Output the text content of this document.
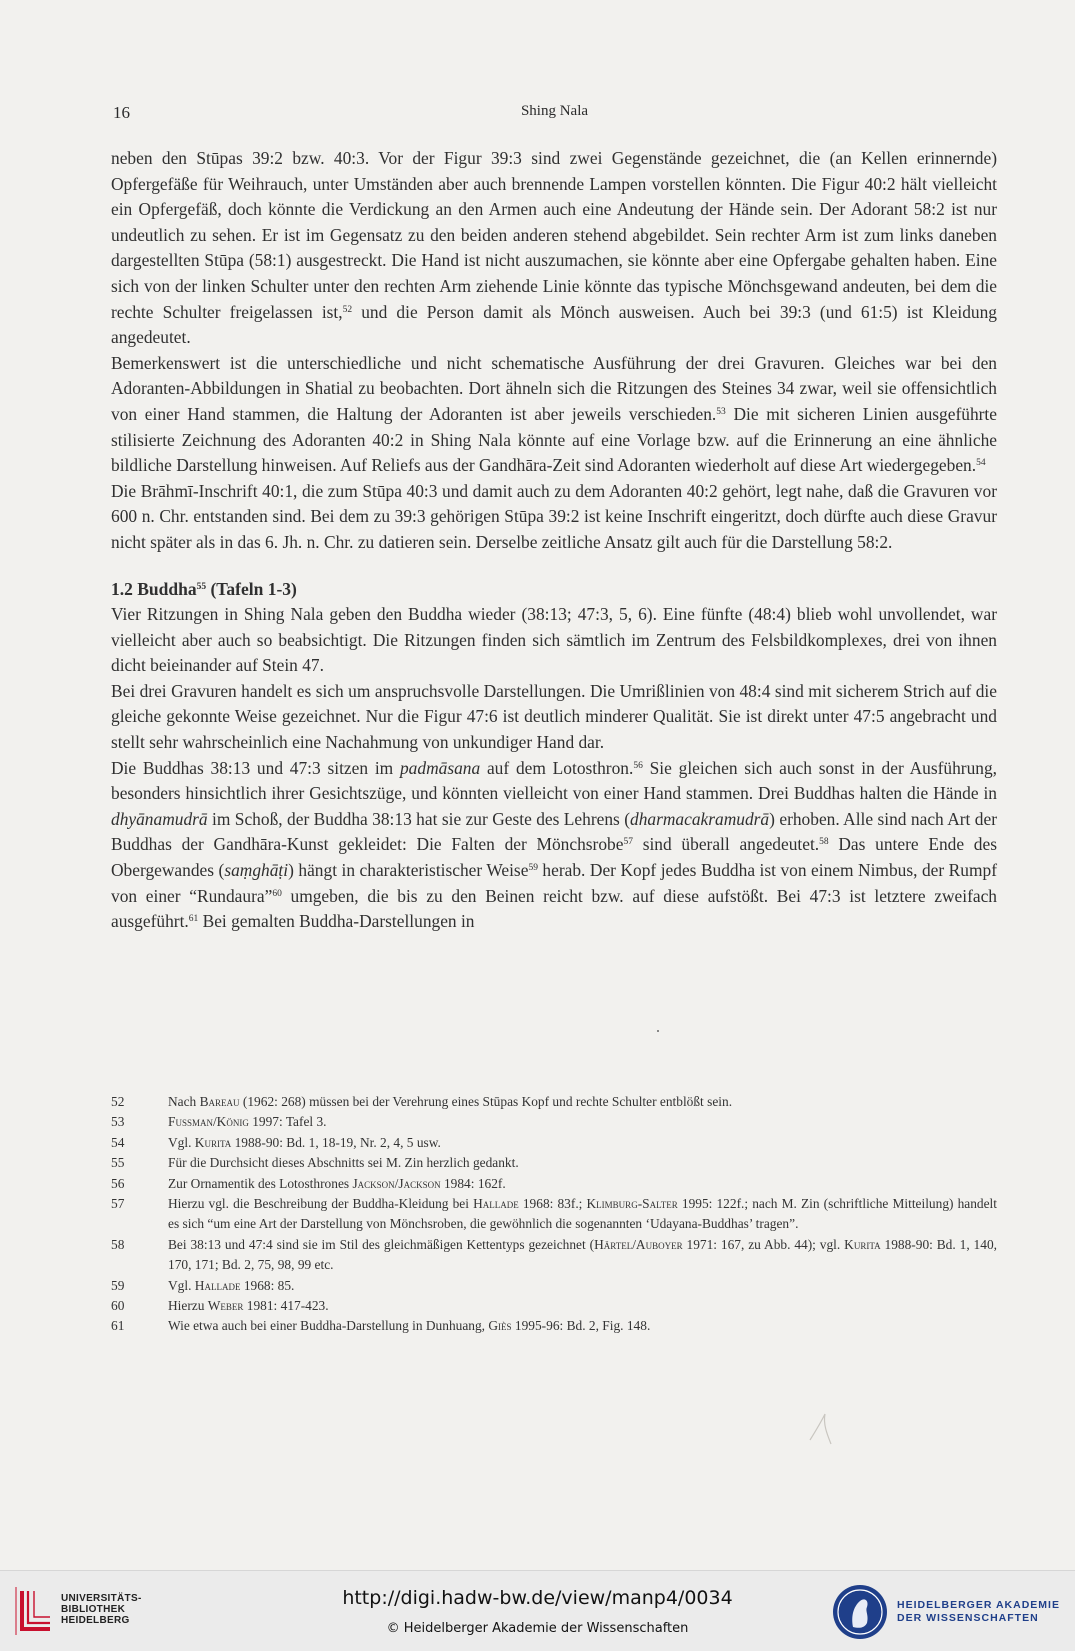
16	Shing Nala

neben den Stūpas 39:2 bzw. 40:3. Vor der Figur 39:3 sind zwei Gegenstände gezeichnet, die (an Kellen erinnernde) Opfergefäße für Weihrauch, unter Umständen aber auch brennende Lampen vorstellen könnten. Die Figur 40:2 hält vielleicht ein Opfergefäß, doch könnte die Verdickung an den Armen auch eine Andeutung der Hände sein. Der Adorant 58:2 ist nur undeutlich zu sehen. Er ist im Gegensatz zu den beiden anderen stehend abgebildet. Sein rechter Arm ist zum links daneben dargestellten Stūpa (58:1) ausgestreckt. Die Hand ist nicht auszumachen, sie könnte aber eine Opfergabe gehalten haben. Eine sich von der linken Schulter unter den rechten Arm ziehende Linie könnte das typische Mönchsgewand andeuten, bei dem die rechte Schulter freigelassen ist,$^{52}$ und die Person damit als Mönch ausweisen. Auch bei 39:3 (und 61:5) ist Kleidung angedeutet.

Bemerkenswert ist die unterschiedliche und nicht schematische Ausführung der drei Gravuren. Gleiches war bei den Adoranten-Abbildungen in Shatial zu beobachten. Dort ähneln sich die Ritzungen des Steines 34 zwar, weil sie offensichtlich von einer Hand stammen, die Haltung der Adoranten ist aber jeweils verschieden.$^{53}$ Die mit sicheren Linien ausgeführte stilisierte Zeichnung des Adoranten 40:2 in Shing Nala könnte auf eine Vorlage bzw. auf die Erinnerung an eine ähnliche bildliche Darstellung hinweisen. Auf Reliefs aus der Gandhāra-Zeit sind Adoranten wiederholt auf diese Art wiedergegeben.$^{54}$

Die Brāhmī-Inschrift 40:1, die zum Stūpa 40:3 und damit auch zu dem Adoranten 40:2 gehört, legt nahe, daß die Gravuren vor 600 n. Chr. entstanden sind. Bei dem zu 39:3 gehörigen Stūpa 39:2 ist keine Inschrift eingeritzt, doch dürfte auch diese Gravur nicht später als in das 6. Jh. n. Chr. zu datieren sein. Derselbe zeitliche Ansatz gilt auch für die Darstellung 58:2.

1.2 Buddha$^{55}$ (Tafeln 1-3)

Vier Ritzungen in Shing Nala geben den Buddha wieder (38:13; 47:3, 5, 6). Eine fünfte (48:4) blieb wohl unvollendet, war vielleicht aber auch so beabsichtigt. Die Ritzungen finden sich sämtlich im Zentrum des Felsbildkomplexes, drei von ihnen dicht beieinander auf Stein 47.

Bei drei Gravuren handelt es sich um anspruchsvolle Darstellungen. Die Umrißlinien von 48:4 sind mit sicherem Strich auf die gleiche gekonnte Weise gezeichnet. Nur die Figur 47:6 ist deutlich minderer Qualität. Sie ist direkt unter 47:5 angebracht und stellt sehr wahrscheinlich eine Nachahmung von unkundiger Hand dar.

Die Buddhas 38:13 und 47:3 sitzen im padmāsana auf dem Lotosthron.$^{56}$ Sie gleichen sich auch sonst in der Ausführung, besonders hinsichtlich ihrer Gesichtszüge, und könnten vielleicht von einer Hand stammen. Drei Buddhas halten die Hände in dhyānamudrā im Schoß, der Buddha 38:13 hat sie zur Geste des Lehrens (dharmacakramudrā) erhoben. Alle sind nach Art der Buddhas der Gandhāra-Kunst gekleidet: Die Falten der Mönchsrobe$^{57}$ sind überall angedeutet.$^{58}$ Das untere Ende des Obergewandes (saṃghāṭi) hängt in charakteristischer Weise$^{59}$ herab. Der Kopf jedes Buddha ist von einem Nimbus, der Rumpf von einer “Rundaura”$^{60}$ umgeben, die bis zu den Beinen reicht bzw. auf diese aufstößt. Bei 47:3 ist letztere zweifach ausgeführt.$^{61}$ Bei gemalten Buddha-Darstellungen in

52	Nach Bareau (1962: 268) müssen bei der Verehrung eines Stūpas Kopf und rechte Schulter entblößt sein.
53	Fussman/König 1997: Tafel 3.
54	Vgl. Kurita 1988-90: Bd. 1, 18-19, Nr. 2, 4, 5 usw.
55	Für die Durchsicht dieses Abschnitts sei M. Zin herzlich gedankt.
56	Zur Ornamentik des Lotosthrones Jackson/Jackson 1984: 162f.
57	Hierzu vgl. die Beschreibung der Buddha-Kleidung bei Hallade 1968: 83f.; Klimburg-Salter 1995: 122f.; nach M. Zin (schriftliche Mitteilung) handelt es sich “um eine Art der Darstellung von Mönchsroben, die gewöhnlich die sogenannten ‘Udayana-Buddhas’ tragen”.
58	Bei 38:13 und 47:4 sind sie im Stil des gleichmäßigen Kettentyps gezeichnet (Härtel/Auboyer 1971: 167, zu Abb. 44); vgl. Kurita 1988-90: Bd. 1, 140, 170, 171; Bd. 2, 75, 98, 99 etc.
59	Vgl. Hallade 1968: 85.
60	Hierzu Weber 1981: 417-423.
61	Wie etwa auch bei einer Buddha-Darstellung in Dunhuang, Giès 1995-96: Bd. 2, Fig. 148.
UNIVERSITÄTS-
BIBLIOTHEK
HEIDELBERG
http://digi.hadw-bw.de/view/manp4/0034
© Heidelberger Akademie der Wissenschaften
HEIDELBERGER AKADEMIE
DER WISSENSCHAFTEN
